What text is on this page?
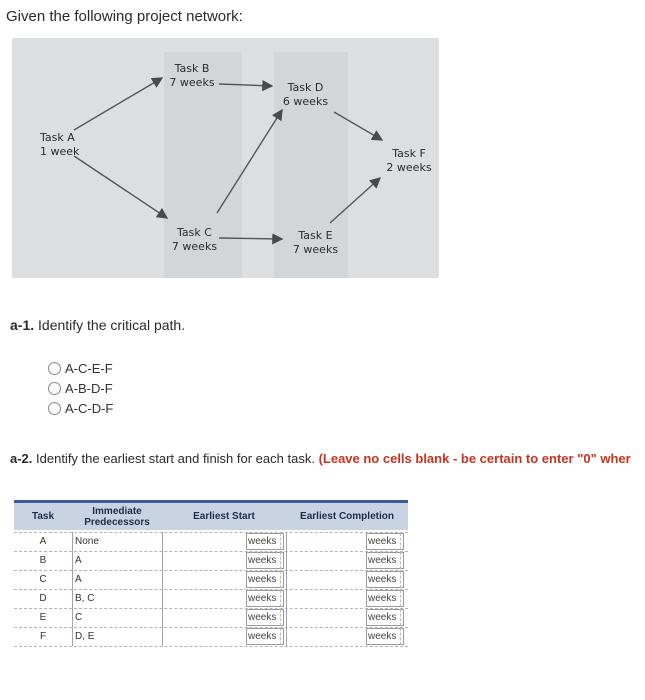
Given the following project network:
Task A
1 week
Task B
7 weeks
Task C
7 weeks
Task D
6 weeks
Task E
7 weeks
Task F
2 weeks
a-1. Identify the critical path.
A-C-E-F
A-B-D-F
A-C-D-F
a-2. Identify the earliest start and finish for each task. (Leave no cells blank - be certain to enter "0" wher
Task	Immediate Predecessors	Earliest Start	Earliest Completion
A	None	weeks	weeks
B	A	weeks	weeks
C	A	weeks	weeks
D	B, C	weeks	weeks
E	C	weeks	weeks
F	D, E	weeks	weeks
